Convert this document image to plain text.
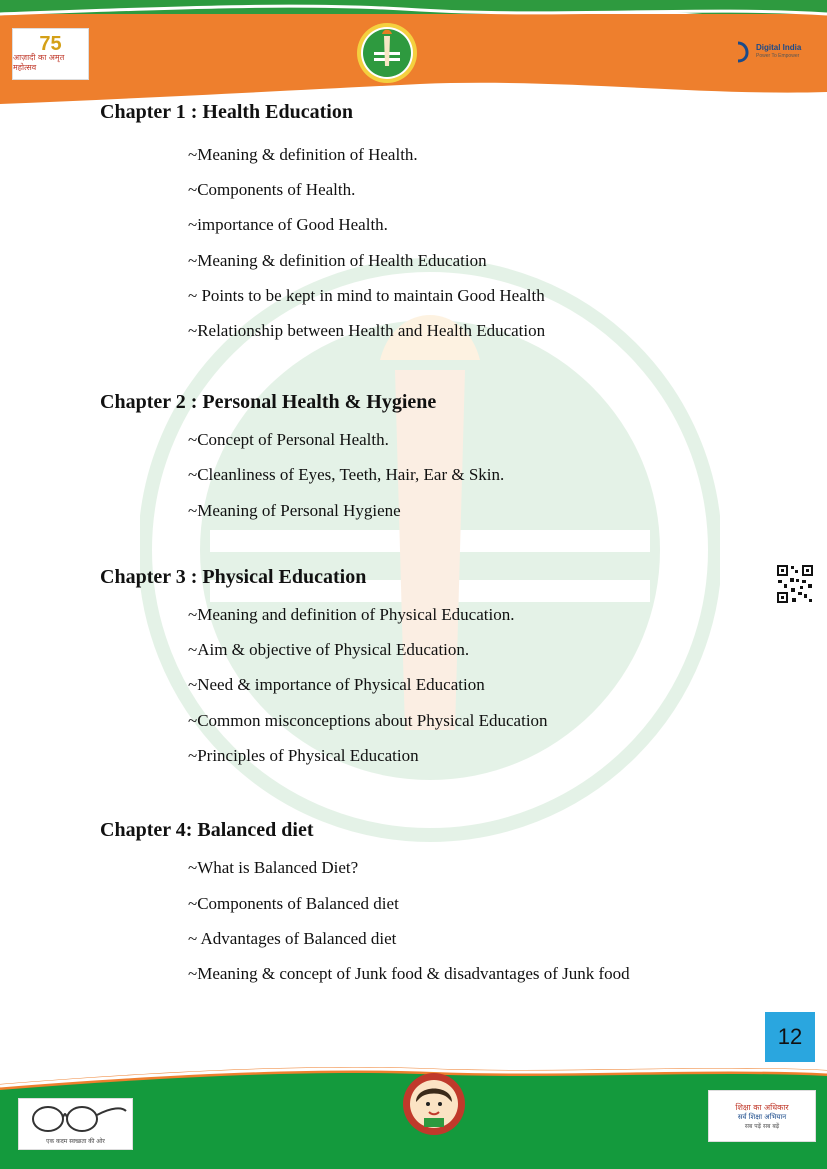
75
आज़ादी का अमृत महोत्सव
Digital India
Power To Empower
Chapter 1 : Health Education

~Meaning & definition of Health.

~Components of Health.

~importance of Good Health.

~Meaning & definition of Health Education

~ Points to be kept in mind to maintain Good Health

~Relationship between Health and Health Education

Chapter 2 : Personal Health & Hygiene

~Concept of Personal Health.

~Cleanliness of Eyes, Teeth, Hair, Ear & Skin.

~Meaning of Personal Hygiene

Chapter 3 : Physical Education

~Meaning and definition of Physical Education.

~Aim & objective of Physical Education.

~Need & importance of Physical Education

~Common misconceptions about Physical Education

~Principles of Physical Education

Chapter 4: Balanced diet

~What is Balanced Diet?

~Components of Balanced diet

~ Advantages of Balanced diet

~Meaning & concept of Junk food & disadvantages of Junk food

12
एक कदम स्वच्छता की ओर
शिक्षा का अधिकार
सर्व शिक्षा अभियान
सब पढ़ें सब बढ़ें
